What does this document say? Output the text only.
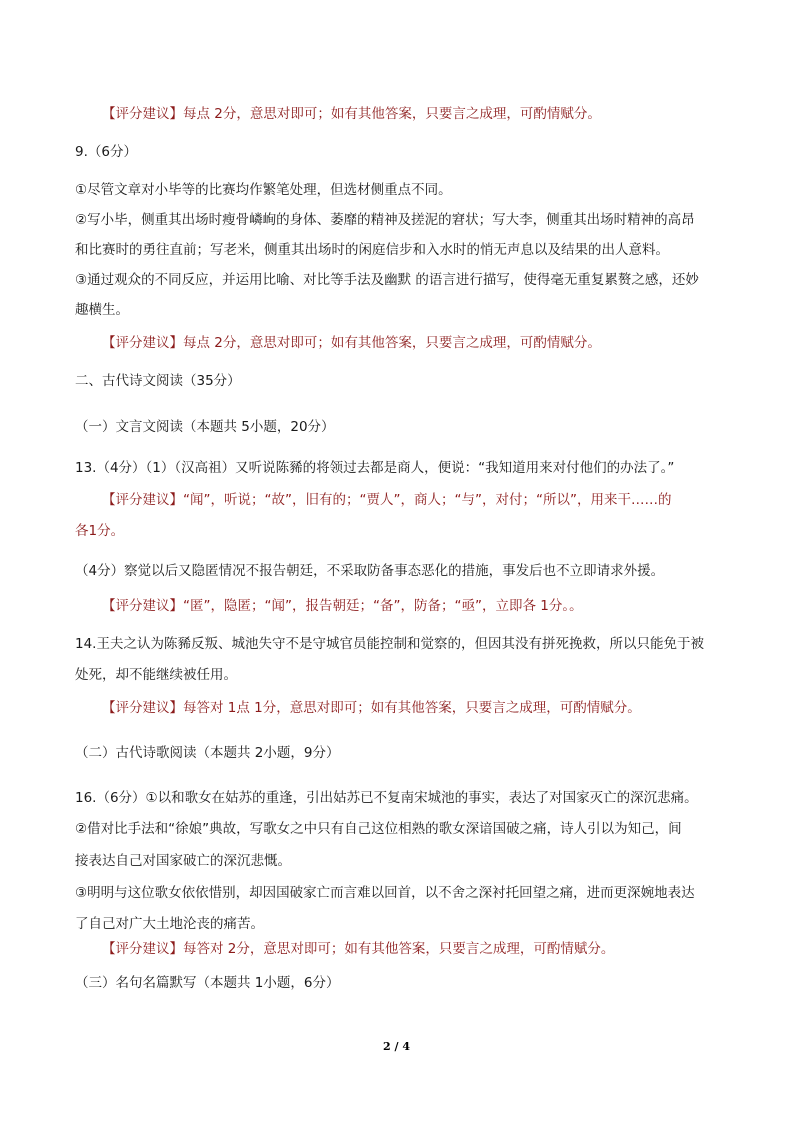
【评分建议】每点 2分，意思对即可；如有其他答案，只要言之成理，可酌情赋分。
9.（6分）
①尽管文章对小毕等的比赛均作繁笔处理，但选材侧重点不同。
②写小毕，侧重其出场时瘦骨嶙峋的身体、萎靡的精神及搓泥的窘状；写大李，侧重其出场时精神的高昂
和比赛时的勇往直前；写老米，侧重其出场时的闲庭信步和入水时的悄无声息以及结果的出人意料。
③通过观众的不同反应，并运用比喻、对比等手法及幽默 的语言进行描写，使得毫无重复累赘之感，还妙
趣横生。
【评分建议】每点 2分，意思对即可；如有其他答案，只要言之成理，可酌情赋分。
二、古代诗文阅读（35分）
（一）文言文阅读（本题共 5小题，20分）
13.（4分）（1）（汉高祖）又听说陈豨的将领过去都是商人，便说：“我知道用来对付他们的办法了。”
【评分建议】“闻”，听说；“故”，旧有的；“贾人”，商人；“与”，对付；“所以”，用来干……的
各1分。
（4分）察觉以后又隐匿情况不报告朝廷，不采取防备事态恶化的措施，事发后也不立即请求外援。
【评分建议】“匿”，隐匿；“闻”，报告朝廷；“备”，防备；“亟”，立即各 1分。。
14.王夫之认为陈豨反叛、城池失守不是守城官员能控制和觉察的，但因其没有拼死挽救，所以只能免于被
处死，却不能继续被任用。
【评分建议】每答对 1点 1分，意思对即可；如有其他答案，只要言之成理，可酌情赋分。
（二）古代诗歌阅读（本题共 2小题，9分）
16.（6分）①以和歌女在姑苏的重逢，引出姑苏已不复南宋城池的事实，表达了对国家灭亡的深沉悲痛。
②借对比手法和“徐娘”典故，写歌女之中只有自己这位相熟的歌女深谙国破之痛，诗人引以为知己，间
接表达自己对国家破亡的深沉悲慨。
③明明与这位歌女依依惜别，却因国破家亡而言难以回首，以不舍之深衬托回望之痛，进而更深婉地表达
了自己对广大土地沦丧的痛苦。
【评分建议】每答对 2分，意思对即可；如有其他答案，只要言之成理，可酌情赋分。
（三）名句名篇默写（本题共 1小题，6分）
2 / 4
